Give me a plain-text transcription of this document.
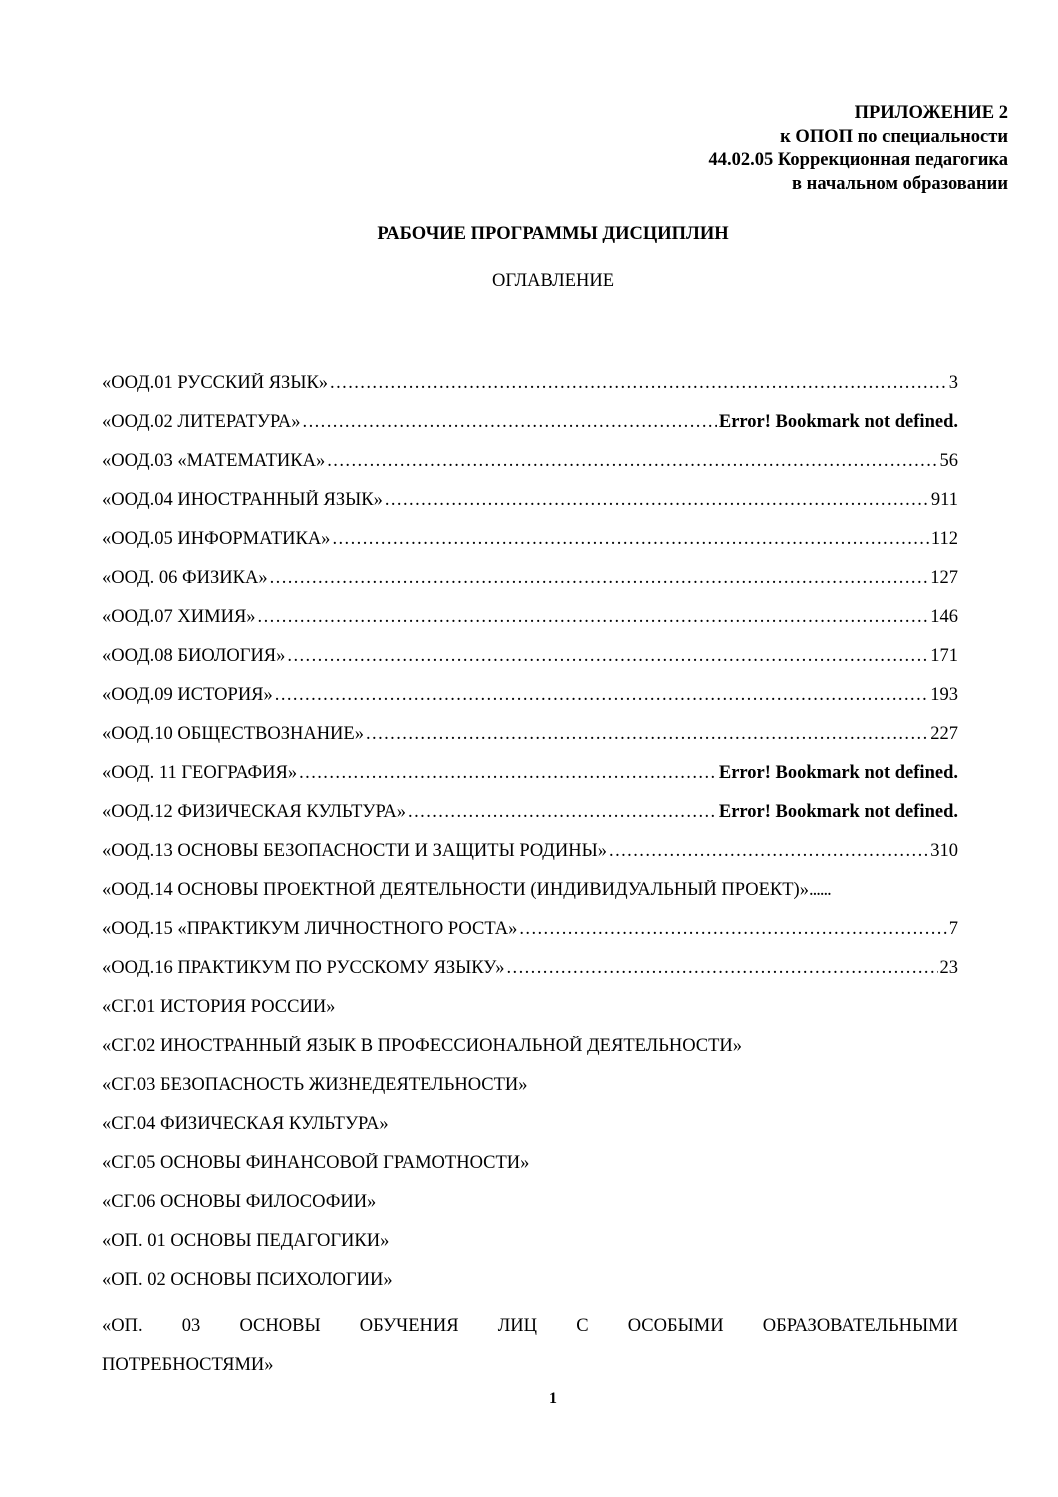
ПРИЛОЖЕНИЕ 2
к ОПОП по специальности
44.02.05 Коррекционная педагогика
в начальном образовании
РАБОЧИЕ ПРОГРАММЫ ДИСЦИПЛИН
ОГЛАВЛЕНИЕ
«ООД.01 РУССКИЙ ЯЗЫК» . . .	3
«ООД.02 ЛИТЕРАТУРА» . . .	Error! Bookmark not defined.
«ООД.03 «МАТЕМАТИКА» . . .	56
«ООД.04 ИНОСТРАННЫЙ ЯЗЫК» . . .	911
«ООД.05 ИНФОРМАТИКА» . . .	112
«ООД. 06 ФИЗИКА» . . .	127
«ООД.07 ХИМИЯ» . . .	146
«ООД.08 БИОЛОГИЯ» . . .	171
«ООД.09 ИСТОРИЯ» . . .	193
«ООД.10 ОБЩЕСТВОЗНАНИЕ» . . .	227
«ООД. 11 ГЕОГРАФИЯ» . . .	Error! Bookmark not defined.
«ООД.12 ФИЗИЧЕСКАЯ КУЛЬТУРА» . . .	Error! Bookmark not defined.
«ООД.13 ОСНОВЫ БЕЗОПАСНОСТИ И ЗАЩИТЫ РОДИНЫ» . . .	310
«ООД.14 ОСНОВЫ ПРОЕКТНОЙ ДЕЯТЕЛЬНОСТИ (ИНДИВИДУАЛЬНЫЙ ПРОЕКТ)» ......
«ООД.15 «ПРАКТИКУМ ЛИЧНОСТНОГО РОСТА» . . .	7
«ООД.16 ПРАКТИКУМ ПО РУССКОМУ ЯЗЫКУ» . . .	23
«СГ.01 ИСТОРИЯ РОССИИ»
«СГ.02 ИНОСТРАННЫЙ ЯЗЫК В ПРОФЕССИОНАЛЬНОЙ ДЕЯТЕЛЬНОСТИ»
«СГ.03 БЕЗОПАСНОСТЬ ЖИЗНЕДЕЯТЕЛЬНОСТИ»
«СГ.04 ФИЗИЧЕСКАЯ КУЛЬТУРА»
«СГ.05 ОСНОВЫ ФИНАНСОВОЙ ГРАМОТНОСТИ»
«СГ.06 ОСНОВЫ ФИЛОСОФИИ»
«ОП. 01 ОСНОВЫ ПЕДАГОГИКИ»
«ОП. 02 ОСНОВЫ ПСИХОЛОГИИ»
«ОП. 03 ОСНОВЫ ОБУЧЕНИЯ ЛИЦ С ОСОБЫМИ ОБРАЗОВАТЕЛЬНЫМИ
ПОТРЕБНОСТЯМИ»
1
